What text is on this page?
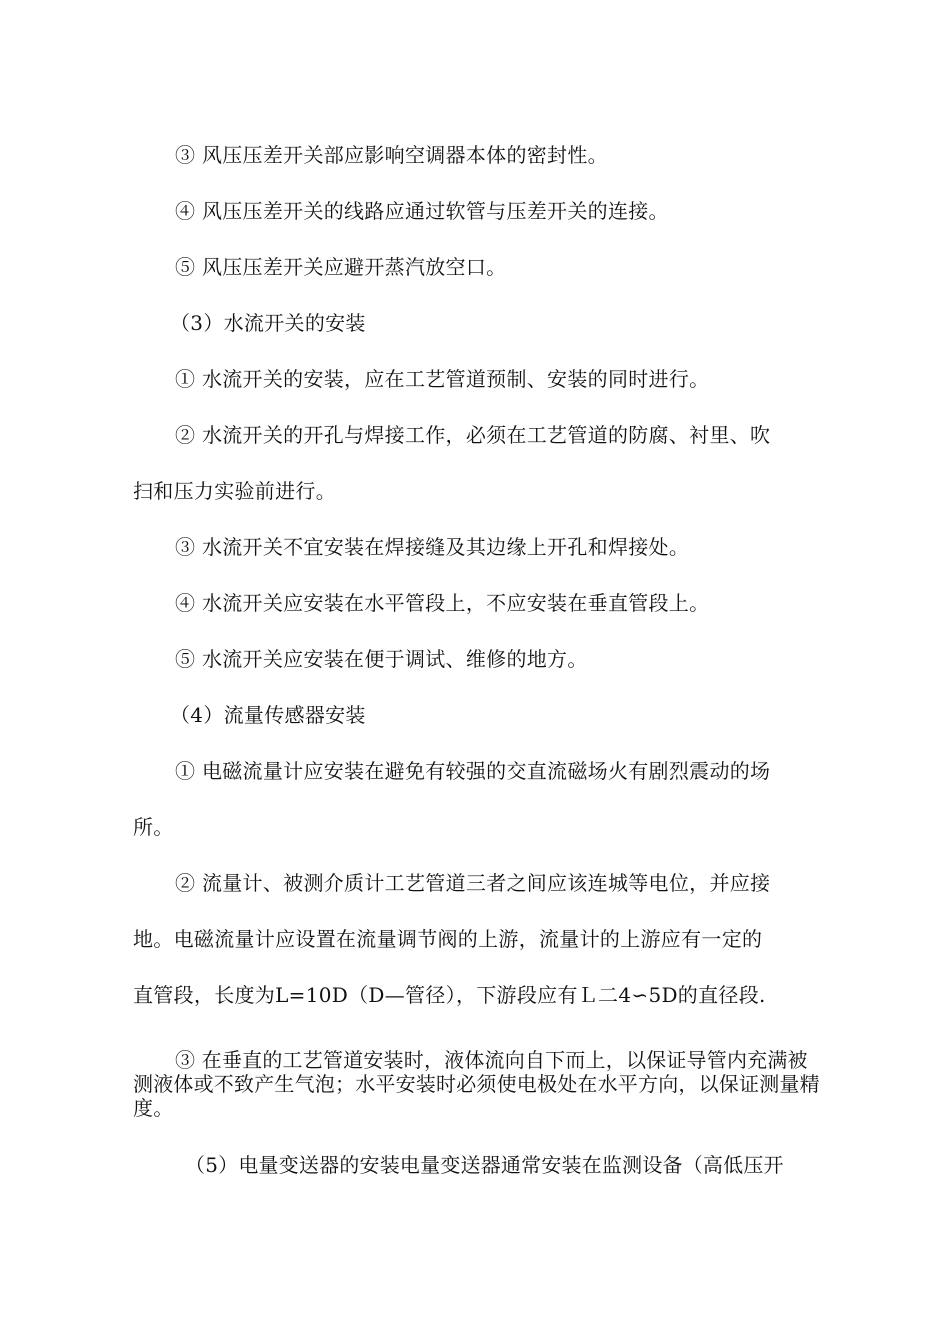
③ 风压压差开关部应影响空调器本体的密封性。
④ 风压压差开关的线路应通过软管与压差开关的连接。
⑤ 风压压差开关应避开蒸汽放空口。
（3）水流开关的安装
① 水流开关的安装，应在工艺管道预制、安装的同时进行。
② 水流开关的开孔与焊接工作，必须在工艺管道的防腐、衬里、吹
扫和压力实验前进行。
③ 水流开关不宜安装在焊接缝及其边缘上开孔和焊接处。
④ 水流开关应安装在水平管段上，不应安装在垂直管段上。
⑤ 水流开关应安装在便于调试、维修的地方。
（4）流量传感器安装
① 电磁流量计应安装在避免有较强的交直流磁场火有剧烈震动的场
所。
② 流量计、被测介质计工艺管道三者之间应该连城等电位，并应接
地。电磁流量计应设置在流量调节阀的上游，流量计的上游应有一定的
直管段，长度为L=10D（D—管径），下游段应有Ｌ二4∽5D的直径段.
③ 在垂直的工艺管道安装时，液体流向自下而上，以保证导管内充满被测液体或不致产生气泡；水平安装时必须使电极处在水平方向，以保证测量精度。
（5）电量变送器的安装电量变送器通常安装在监测设备（高低压开
